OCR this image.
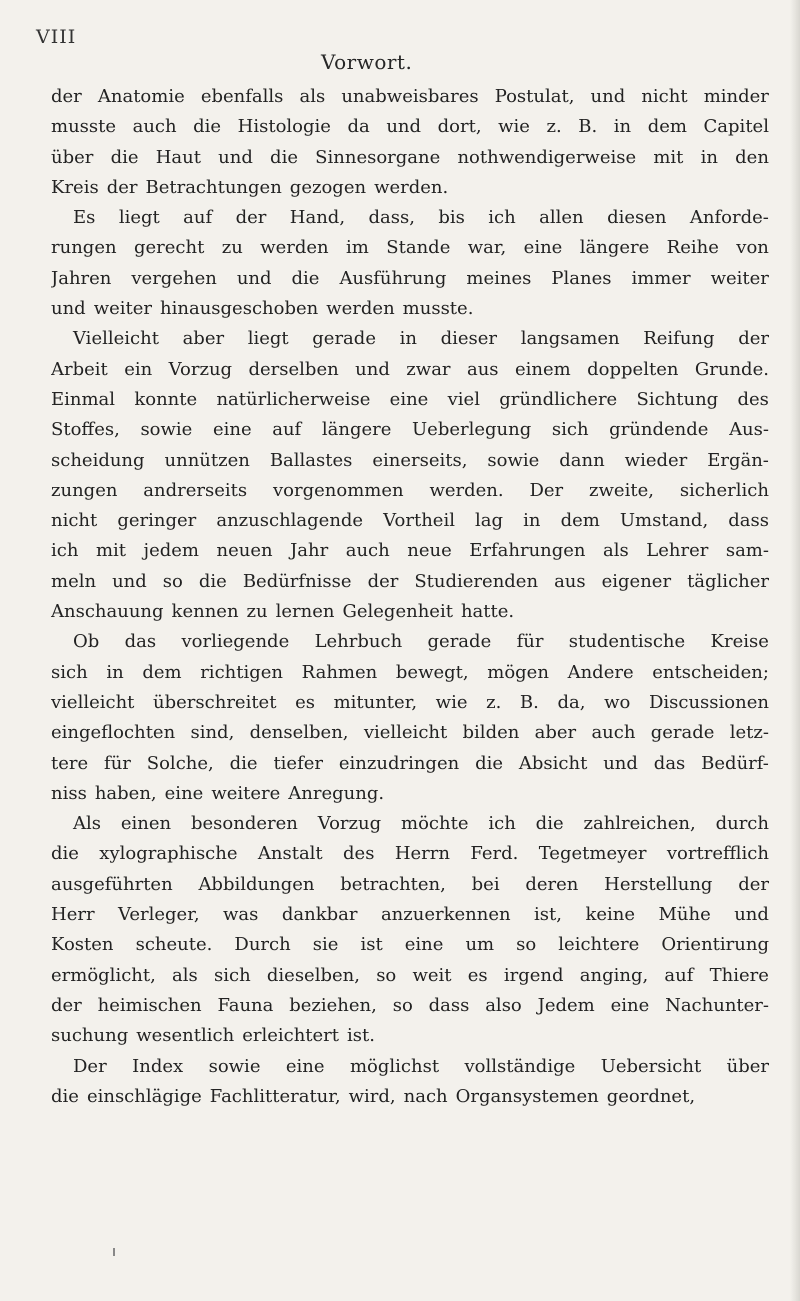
VIII
Vorwort.
der Anatomie ebenfalls als unabweisbares Postulat, und nicht minder
musste auch die Histologie da und dort, wie z. B. in dem Capitel
über die Haut und die Sinnesorgane nothwendigerweise mit in den
Kreis der Betrachtungen gezogen werden.
Es liegt auf der Hand, dass, bis ich allen diesen Anforde-
rungen gerecht zu werden im Stande war, eine längere Reihe von
Jahren vergehen und die Ausführung meines Planes immer weiter
und weiter hinausgeschoben werden musste.
Vielleicht aber liegt gerade in dieser langsamen Reifung der
Arbeit ein Vorzug derselben und zwar aus einem doppelten Grunde.
Einmal konnte natürlicherweise eine viel gründlichere Sichtung des
Stoffes, sowie eine auf längere Ueberlegung sich gründende Aus-
scheidung unnützen Ballastes einerseits, sowie dann wieder Ergän-
zungen andrerseits vorgenommen werden. Der zweite, sicherlich
nicht geringer anzuschlagende Vortheil lag in dem Umstand, dass
ich mit jedem neuen Jahr auch neue Erfahrungen als Lehrer sam-
meln und so die Bedürfnisse der Studierenden aus eigener täglicher
Anschauung kennen zu lernen Gelegenheit hatte.
Ob das vorliegende Lehrbuch gerade für studentische Kreise
sich in dem richtigen Rahmen bewegt, mögen Andere entscheiden;
vielleicht überschreitet es mitunter, wie z. B. da, wo Discussionen
eingeflochten sind, denselben, vielleicht bilden aber auch gerade letz-
tere für Solche, die tiefer einzudringen die Absicht und das Bedürf-
niss haben, eine weitere Anregung.
Als einen besonderen Vorzug möchte ich die zahlreichen, durch
die xylographische Anstalt des Herrn Ferd. Tegetmeyer vortrefflich
ausgeführten Abbildungen betrachten, bei deren Herstellung der
Herr Verleger, was dankbar anzuerkennen ist, keine Mühe und
Kosten scheute. Durch sie ist eine um so leichtere Orientirung
ermöglicht, als sich dieselben, so weit es irgend anging, auf Thiere
der heimischen Fauna beziehen, so dass also Jedem eine Nachunter-
suchung wesentlich erleichtert ist.
Der Index sowie eine möglichst vollständige Uebersicht über
die einschlägige Fachlitteratur, wird, nach Organsystemen geordnet,
